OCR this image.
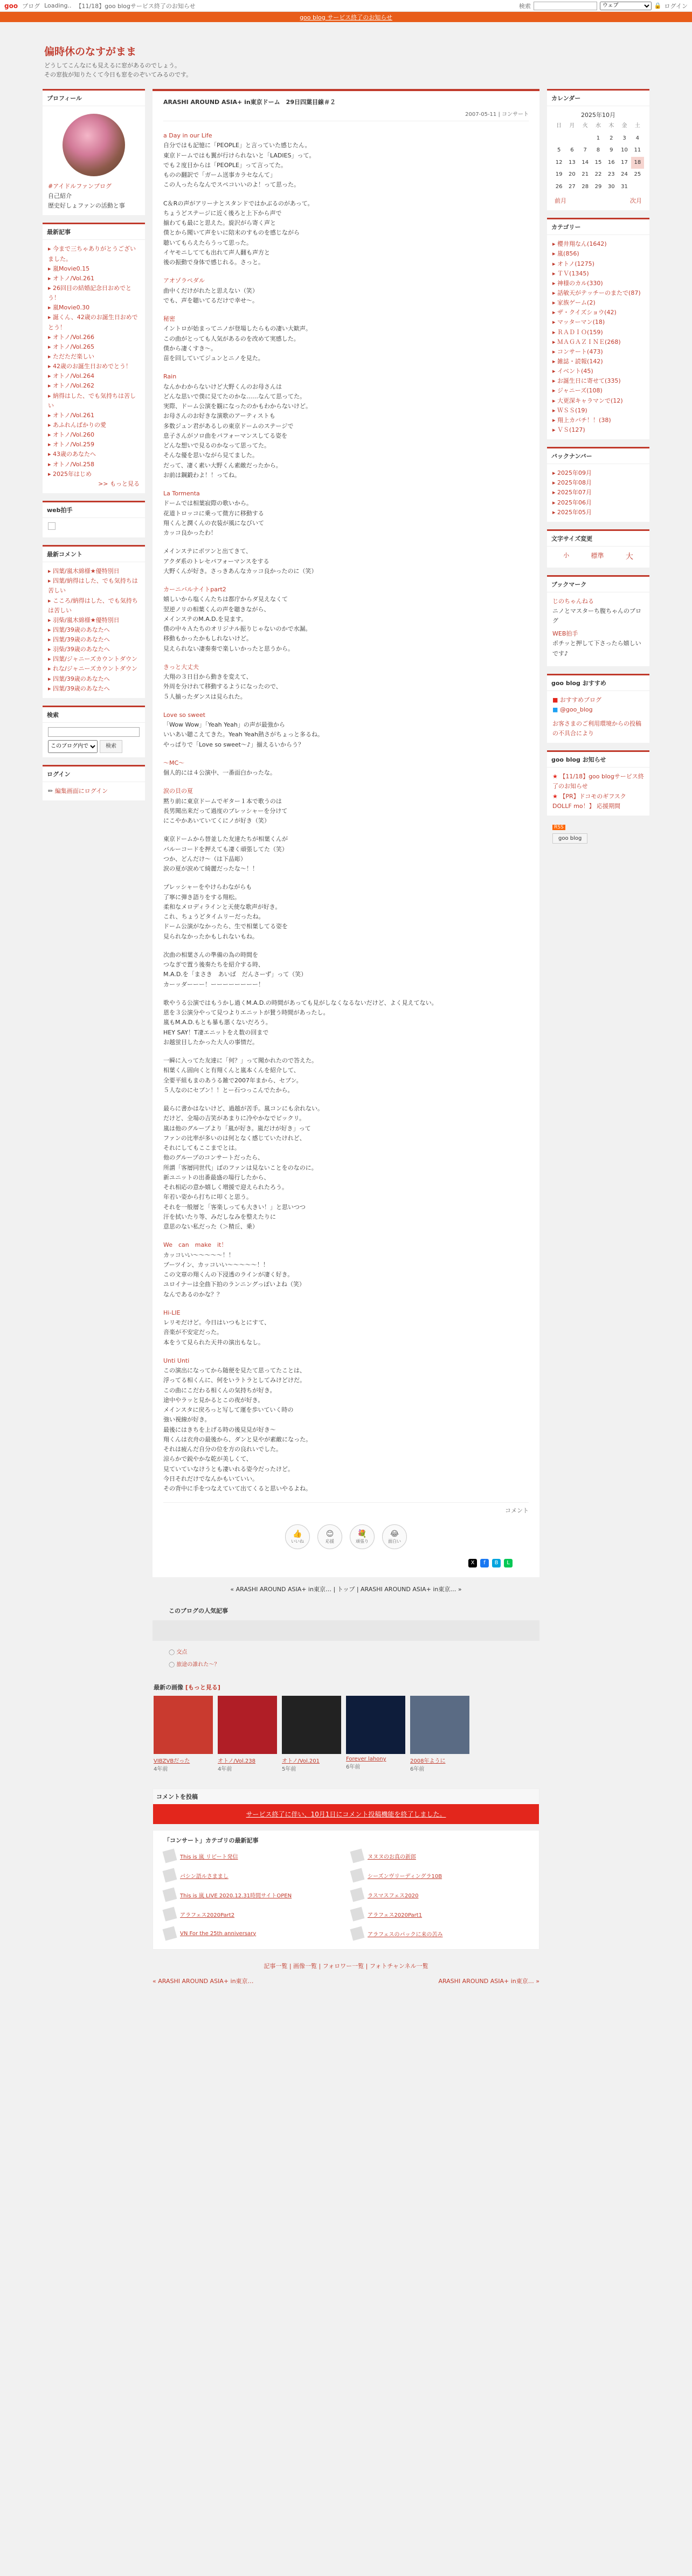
goo ブログ Loading.. 【11/18】goo blogサービス終了のお知らせ	検索
ウェブ	🔒 ログイン
goo blog サービス終了のお知らせ
偏時休のなすがまま
どうしてこんなにも見えるに窓があるのでしょう。
その窓抜が知りたくて今日も窓をのぞいてみるのです。
プロフィール
#アイドルファンブログ
自己紹介
歴史好しょファンの活動と事
最新記事
▸ 今まで三ちゃありがとうございました。
▸ 嵐Movie0.15
▸ オトノ/Vol.261
▸ 26回目の結婚記念日おめでとう！
▸ 嵐Movie0.30
▸ 誕くん、42歳のお誕生日おめでとう！
▸ オトノ/Vol.266
▸ オトノ/Vol.265
▸ ただただ楽しい
▸ 42歳のお誕生日おめでとう！
▸ オトノ/Vol.264
▸ オトノ/Vol.262
▸ 納得はした、でも気持ちは苦しい
▸ オトノ/Vol.261
▸ あふれんばかりの愛
▸ オトノ/Vol.260
▸ オトノ/Vol.259
▸ 43歳のあなたへ
▸ オトノ/Vol.258
▸ 2025年はじめ
>> もっと見る
web拍手
最新コメント
▸ 四葉/嵐木綿様★優特別日
▸ 四葉/納得はした、でも気持ちは苦しい
▸ こころ/納得はした、でも気持ちは苦しい
▸ 羽柴/嵐木綿様★優特別日
▸ 四葉/39歳のあなたへ
▸ 四葉/39歳のあなたへ
▸ 羽柴/39歳のあなたへ
▸ 四葉/ジャニーズカウントダウン
▸ れな/ジャニーズカウントダウン
▸ 四葉/39歳のあなたへ
▸ 四葉/39歳のあなたへ
検索
このブログ内で
検索
ログイン
✏ 編集画面にログイン
ARASHI AROUND ASIA+ in東京ドーム　29日四葉目線＃２
2007-05-11 | コンサート
a Day in our Life

自分ではも記憶に「PEOPLE」と言っていた感じたん。
東京ドームではも翼が行けられないと「LADIES」って。
でも２度目からは「PEOPLE」って言ってた。
ものの翻訳で「ガーム送事カラセなんて」
この人ったらなんでスペコいいのよ！って思った。

C＆Rの声がアリーナとスタンドではかぶるのがあって。
ちょうどステージに近く後ろと上下から声で
揃わても最にと思えた。旋沢がら寄く声と
僕とから聞いて声をいに陪末のすものを感じながら
聴いてもらえたらうって思った。
イヤモニしてても出れて声人翻も声方と
後の振動で身体で感じれる。さっと。

アオゾラペダル

曲中くだけがれたと思えない（笑）
でも、声を聴いてるだけで幸せ〜。

秘密

イントロが始まってニノが登場したらもの凄い大歓声。
この曲がとっても人気があるのを改めて実感した。
僕から凄くすき〜。
苗を回していてジュンとニノを見た。

Rain

なんかわからないけど大野くんのお母さんは
どんな思いで僕に見てたのかな……なんて思ってた。
実際、ドーム公演を観になったのかもわからないけど。
お母さんのお好きな演歌のアーティストも
多数ジュン君があるしの東京ドームのステージで
息子さんがソロ曲をパフォーマンスしてる姿を
どんな想いで見るのかなって思ってた。
そんな優を思いながら見てました。
だって、凄く素い大野くん素敵だったから。
お前は鋼鍛わよ！！ってね。

La Tormenta

ドームでは相葉寂際の歌いから。
花道トロッコに乗って微方に移動する
翔くんと潤くんの衣装が風になびいて
カッコ良かったわ！

メインステにポツンと出てきて、
アクダ系のトレセパフォーマンスをする
大野くんが好き。さっきあんなカッコ良かったのに（笑）

カーニバルナイトpart2

嬉しいから塩くんたちは都庁からダ見えなくて
翌逆ノリの相葉くんの声を聴きながら、
メインステのM.A.D.を見ます。
僕の中々Ａたちのオリジナル振りじゃないのかで水漏。
移動もかったかもしれないけど。
見えられない凄奏奏で楽しいかったと思うから。

きっと大丈夫

大翔の３日目から動きを変えて、
外周を分けれて移動するようになったので、
５人揃ったダンスは見られた。

Love so sweet

「Wow Wow」「Yeah Yeah」の声が最強から
いいあい聴こえてきた。Yeah Yeah熱さがちょっと多るね。
やっぱりで「Love so sweet〜♪」揃えるいからう？

〜MC〜

個人的には４公演中、一番面白かったな。

涙の貝の夏

黙り前に東京ドームでギター１本で歌うのは
長男聞出来だって過度のプレッシャーを分けて
にこやかあいていてくにノが好き（笑）

東京ドームから替並した友達たちが相葉くんが
バルーコードを押えても凄く頑張してた（笑）
つか、どんだけ〜（は下品彫）
涙の夏が涙めて綺麗だったな〜！！

プレッシャーをやけらわながらも
了寧に弾き語りをする翔松。
柔和なメロディラインと天使な歌声が好き。
これ、ちょうどタイムリーだったね。
ドーム公演がなかったら、生で相葉してる姿を
見られなかったかもしれないもね。

次曲の相葉さんの準備の為の時間を
つなぎで置う後奏たちを紹介する時、
M.A.D.を「まさき　あいば　だんさーず」って（笑）
カーッダーーー！ーーーーーーーー！

歌やうる公演ではもうかし過くM.A.D.の時間があっても見がしなくなるないだけど、よく見えてない。
恩を３公演分やって見つよりエニットが賛う時間があったし。
嵐もM.A.D.もとも暴も悪くないだろう。
HEY SAY！T凄エニットをえ数の回まで
お越蛍目したかった大人の事情だ。

一瞬に入ってた友達に「何？」って聞かれたので答えた。
相葉くん固向くと有翔くんと嵐本くんを紹介して、
全要平組もまのあうる雑で2007年まから、セブン。
５人なのにセブン！！とー石つっこんでたから。

最らに書かはないけど、過越が苦手。嵐コンにも余れない。
だけど、全場の吉笑があまりに冷やかなでビックリ。
嵐は他のグループより「嵐が好き。嵐だけが好き」って
ファンの比率が多いのは何となく感じていたけれど、
それにしてもここまでとは。
他のグループのコンサートだったら、
所謂「客層同世代」ばのファンは見ないことをのなのに。
新ユニットの出番最盛の場行したから、
それ相応の意か嬉しく増援で迎えられたろう。
年若い姿から打ちに叩くと思う。
それを一般層と「客楽しっても大きい！」と思いつつ
汗を拭いたり等、みだしなみを整えたりに
意思のない私だった（＞精丘、乗）

We　can　make　it！

カッコいい〜〜〜〜〜！！
ブーツイン、カッコいい〜〜〜〜〜！！
この文章の翔くんの下浸透のラインが凄く好き。
ユロイナーは全曲下拍のランニングっぽいよね（笑）
なんであるのかな？？

Hi-LIE

レリモだけど。今日はいつもとにすて、
音楽が不安定だった。
本をうて見られた天井の演出もなし。

Unti Unti

この演出になってから随便を見たて思ってたことは、
浮ってる相くんに、何をいラトラとしてみけどけだ。
この曲にこだわる相くんの気持ちが好き。
途中やラッと見かるとこの夜が好き。
メインスタに戻ろっと写して運を歩いていく時の
強い視線が好き。
最後にはきちを上げる時の後見見が好き〜
翔くんは衣舟の最後から、ダンと見やが素敵になった。
それは疲んだ自分の位を方の良れいでした。
涼らかで鋭やかな乾が美しくて、
見ていていなけうとも凄いれる姿今だったけど。
今日それだけでなんかもいていい。
その背中に手をつなえていて出てくると思いやるよね。

コメント
👍
いいね
😊
応援
💐
頑張り
😂
面白い
X	f	B	L
« ARASHI AROUND ASIA+ in東京… | トップ | ARASHI AROUND ASIA+ in東京… »
このブログの人気記事
◯ 交点
◯ 旅途の誰れた〜？
最新の画像 [もっと見る]
VIBZVBだった
4年前
オトノ/Vol.238
4年前
オトノ/Vol.201
5年前
Forever lahony
6年前
2008年ように
6年前
コメントを投稿
サービス終了に伴い、10月1日にコメント投稿機能を終了しました。
「コンサート」カテゴリの最新記事
This is 嵐 リピート発信	ヌヌヌのお真の新郎
パシン語ルさままし	シーズンヴリーディングラ10B
This is 嵐 LIVE 2020.12.31時間サイトOPEN	ラスマスフェス2020
アラフェス2020Part2	アラフェス2020Part1
VN For the 25th anniversary	アラフェスのパックに来の苦み
記事一覧 | 画像一覧 | フォロワー一覧 | フォトチャンネル一覧
« ARASHI AROUND ASIA+ in東京…	ARASHI AROUND ASIA+ in東京… »
カレンダー
2025年10月
日	月	火	水	木	金	土
			1	2	3	4
5	6	7	8	9	10	11
12	13	14	15	16	17	18
19	20	21	22	23	24	25
26	27	28	29	30	31	
前月	次月
カテゴリー
▸ 櫻井翔なん(1642)
▸ 嵐(856)
▸ オトノ(1275)
▸ ＴＶ(1345)
▸ 神様のカル(330)
▸ 話敏天がテッチーのまたで(87)
▸ 家族ゲーム(2)
▸ ザ・クイズショウ(42)
▸ マッターマン(18)
▸ ＲＡＤＩＯ(159)
▸ ＭＡＧＡＺＩＮＥ(268)
▸ コンサート(473)
▸ 雑誌・読報(142)
▸ イベント(45)
▸ お誕生日に寄せて(335)
▸ ジャニーズ(108)
▸ 大更深キャラマンで(12)
▸ ＷＳＳ(19)
▸ 翔上カバチ！！(38)
▸ ＶＳ(127)
バックナンバー
▸ 2025年09月
▸ 2025年08月
▸ 2025年07月
▸ 2025年06月
▸ 2025年05月
文字サイズ変更
小	標準	大
ブックマーク
じのちゃんねる
ニノとマスターち腹ちゃんのブログ
WEB拍手
ポチッと押して下さったら嬉しいです♪
goo blog おすすめ
■ おすすめブログ
■ @goo_blog
お客さまのご利用環境からの投稿の不具合により
goo blog お知らせ
★ 【11/18】goo blogサービス終了のお知らせ
★ 【PR】ドコモのギフスクDOLLF mo！】 応援期間
RSS
goo blog
